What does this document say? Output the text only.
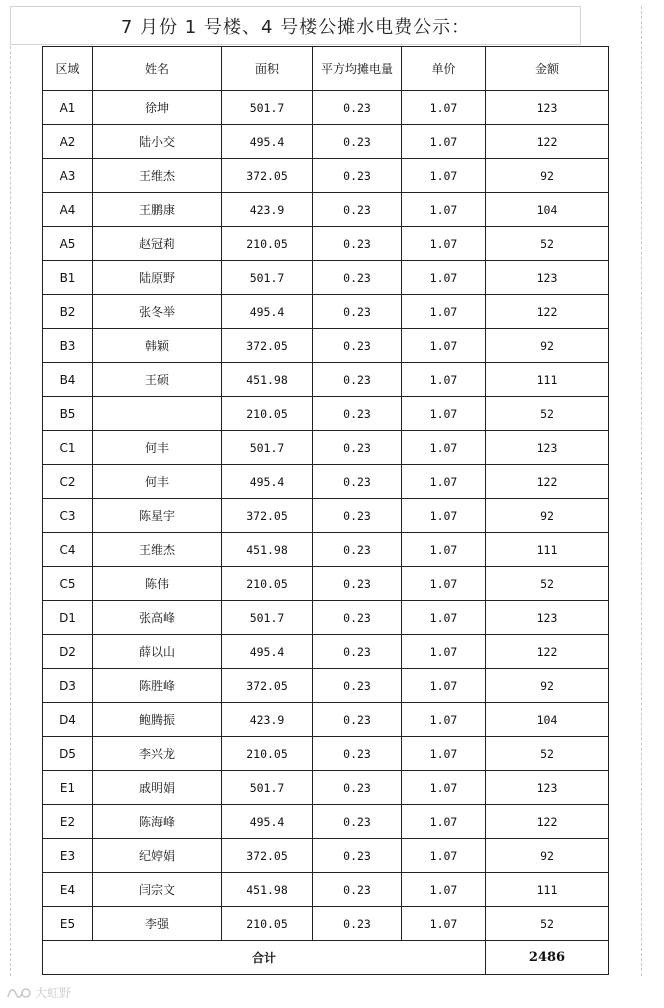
7 月份 1 号楼、4 号楼公摊水电费公示：
区域	姓名	面积	平方均摊电量	单价	金额
A1	徐坤	501.7	0.23	1.07	123
A2	陆小交	495.4	0.23	1.07	122
A3	王维杰	372.05	0.23	1.07	92
A4	王鹏康	423.9	0.23	1.07	104
A5	赵冠莉	210.05	0.23	1.07	52
B1	陆原野	501.7	0.23	1.07	123
B2	张冬举	495.4	0.23	1.07	122
B3	韩颖	372.05	0.23	1.07	92
B4	王硕	451.98	0.23	1.07	111
B5		210.05	0.23	1.07	52
C1	何丰	501.7	0.23	1.07	123
C2	何丰	495.4	0.23	1.07	122
C3	陈星宇	372.05	0.23	1.07	92
C4	王维杰	451.98	0.23	1.07	111
C5	陈伟	210.05	0.23	1.07	52
D1	张高峰	501.7	0.23	1.07	123
D2	薛以山	495.4	0.23	1.07	122
D3	陈胜峰	372.05	0.23	1.07	92
D4	鲍腾振	423.9	0.23	1.07	104
D5	李兴龙	210.05	0.23	1.07	52
E1	戚明娟	501.7	0.23	1.07	123
E2	陈海峰	495.4	0.23	1.07	122
E3	纪婷娟	372.05	0.23	1.07	92
E4	闫宗文	451.98	0.23	1.07	111
E5	李强	210.05	0.23	1.07	52
合计					2486
大虹野
